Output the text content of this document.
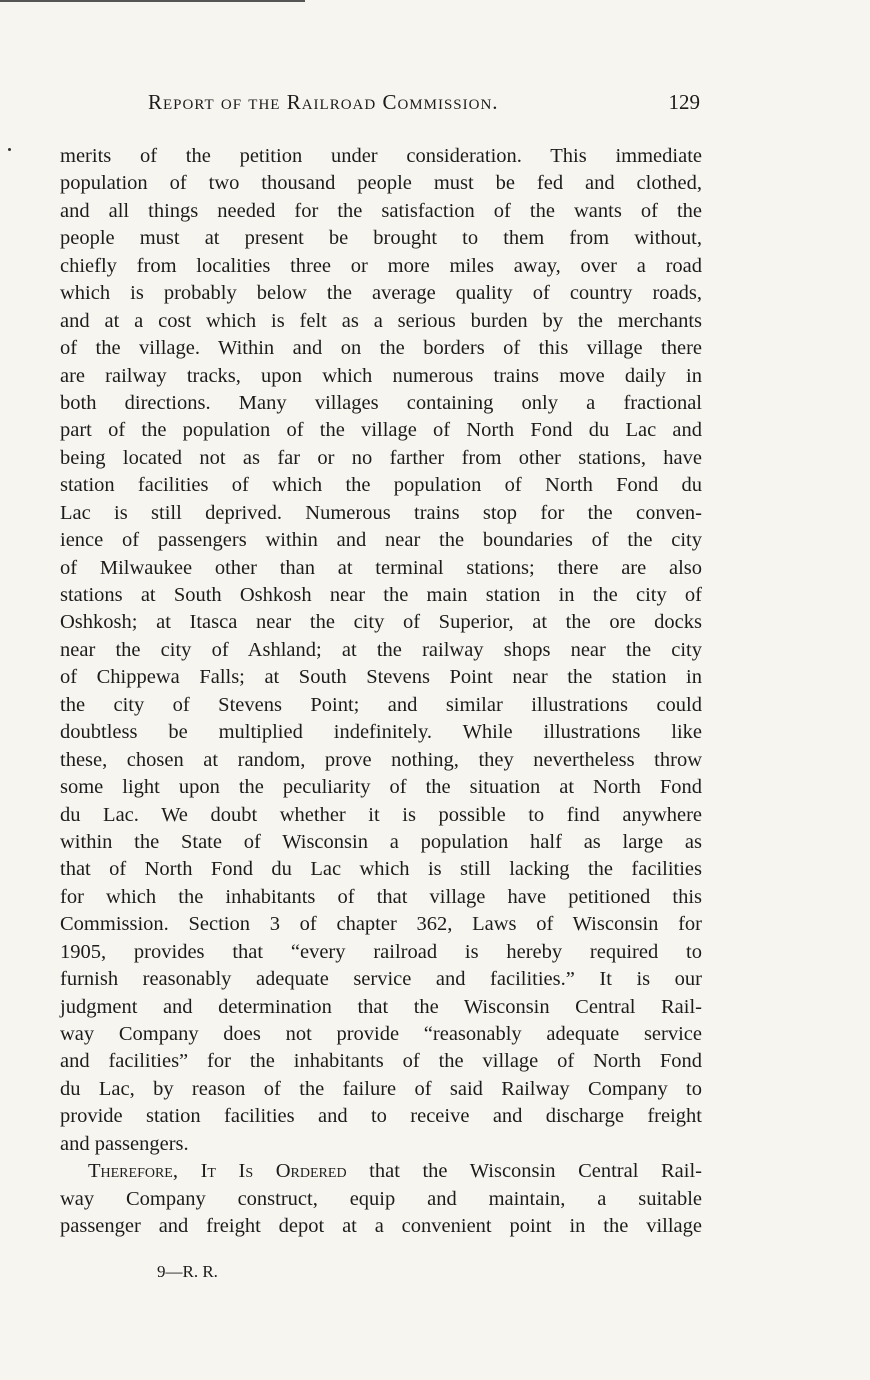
Report of the Railroad Commission.	129
merits of the petition under consideration. This immediate
population of two thousand people must be fed and clothed,
and all things needed for the satisfaction of the wants of the
people must at present be brought to them from without,
chiefly from localities three or more miles away, over a road
which is probably below the average quality of country roads,
and at a cost which is felt as a serious burden by the merchants
of the village. Within and on the borders of this village there
are railway tracks, upon which numerous trains move daily in
both directions. Many villages containing only a fractional
part of the population of the village of North Fond du Lac and
being located not as far or no farther from other stations, have
station facilities of which the population of North Fond du
Lac is still deprived. Numerous trains stop for the conven-
ience of passengers within and near the boundaries of the city
of Milwaukee other than at terminal stations; there are also
stations at South Oshkosh near the main station in the city of
Oshkosh; at Itasca near the city of Superior, at the ore docks
near the city of Ashland; at the railway shops near the city
of Chippewa Falls; at South Stevens Point near the station in
the city of Stevens Point; and similar illustrations could
doubtless be multiplied indefinitely. While illustrations like
these, chosen at random, prove nothing, they nevertheless throw
some light upon the peculiarity of the situation at North Fond
du Lac. We doubt whether it is possible to find anywhere
within the State of Wisconsin a population half as large as
that of North Fond du Lac which is still lacking the facilities
for which the inhabitants of that village have petitioned this
Commission. Section 3 of chapter 362, Laws of Wisconsin for
1905, provides that “every railroad is hereby required to
furnish reasonably adequate service and facilities.” It is our
judgment and determination that the Wisconsin Central Rail-
way Company does not provide “reasonably adequate service
and facilities” for the inhabitants of the village of North Fond
du Lac, by reason of the failure of said Railway Company to
provide station facilities and to receive and discharge freight
and passengers.
Therefore, It Is Ordered that the Wisconsin Central Rail-
way Company construct, equip and maintain, a suitable
passenger and freight depot at a convenient point in the village
9—R. R.
